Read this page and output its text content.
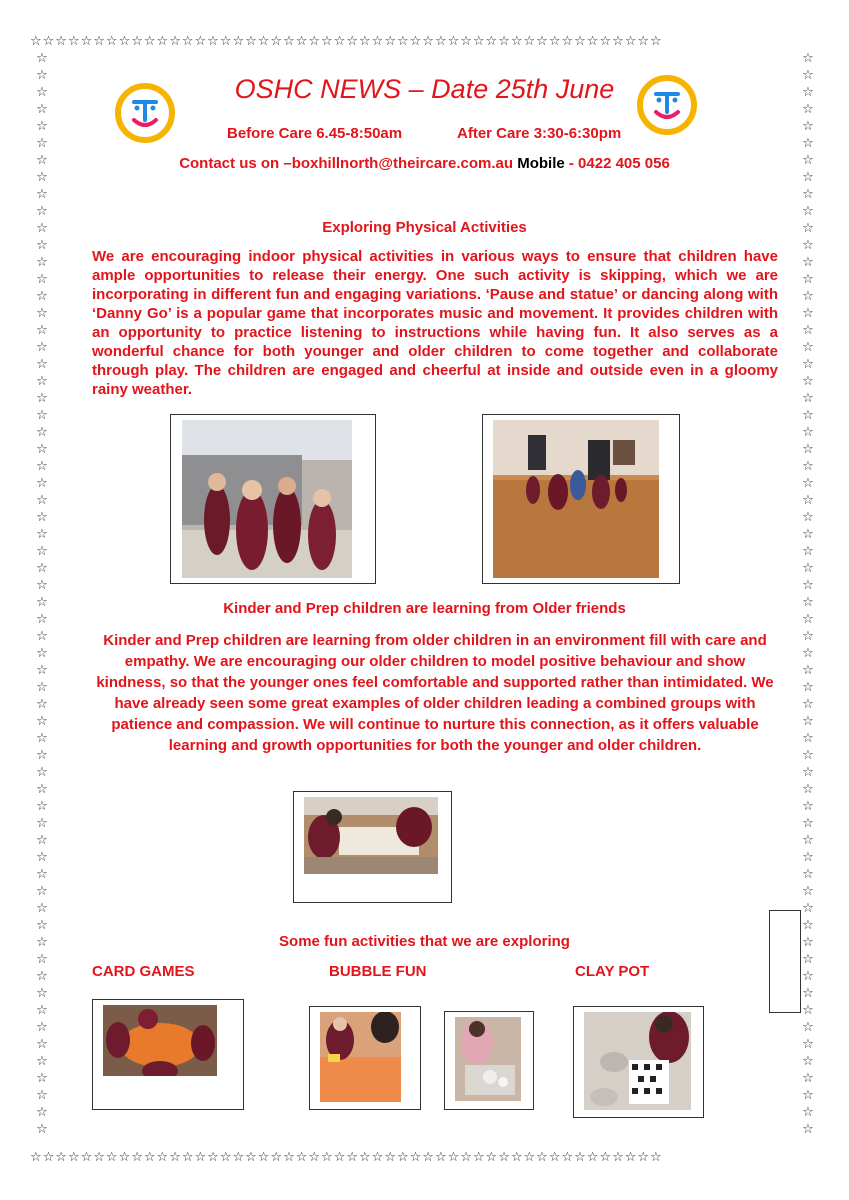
☆☆☆☆☆☆☆☆☆☆☆☆☆☆☆☆☆☆☆☆☆☆☆☆☆☆☆☆☆☆☆☆☆☆☆☆☆☆☆☆☆☆☆☆☆☆☆☆☆☆
☆☆☆☆☆☆☆☆☆☆☆☆☆☆☆☆☆☆☆☆☆☆☆☆☆☆☆☆☆☆☆☆☆☆☆☆☆☆☆☆☆☆☆☆☆☆☆☆☆☆
☆
☆
☆
☆
☆
☆
☆
☆
☆
☆
☆
☆
☆
☆
☆
☆
☆
☆
☆
☆
☆
☆
☆
☆
☆
☆
☆
☆
☆
☆
☆
☆
☆
☆
☆
☆
☆
☆
☆
☆
☆
☆
☆
☆
☆
☆
☆
☆
☆
☆
☆
☆
☆
☆
☆
☆
☆
☆
☆
☆
☆
☆
☆
☆

☆
☆
☆
☆
☆
☆
☆
☆
☆
☆
☆
☆
☆
☆
☆
☆
☆
☆
☆
☆
☆
☆
☆
☆
☆
☆
☆
☆
☆
☆
☆
☆
☆
☆
☆
☆
☆
☆
☆
☆
☆
☆
☆
☆
☆
☆
☆
☆
☆
☆
☆
☆
☆
☆
☆
☆
☆
☆
☆
☆
☆
☆
☆
☆

OSHC NEWS – Date 25th June
Before Care 6.45-8:50am	After Care 3:30-6:30pm
Contact us on –boxhillnorth@theircare.com.au Mobile - 0422 405 056
Exploring Physical Activities
We are encouraging indoor physical activities in various ways to ensure that children have ample opportunities to release their energy. One such activity is skipping, which we are incorporating in different fun and engaging variations. ‘Pause and statue’ or dancing along with ‘Danny Go’ is a popular game that incorporates music and movement. It provides children with an opportunity to practice listening to instructions while having fun. It also serves as a wonderful chance for both younger and older children to come together and collaborate through play. The children are engaged and cheerful at inside and outside even in a gloomy rainy weather.
Kinder and Prep children are learning from Older friends
Kinder and Prep children are learning from older children in an environment fill with care and empathy. We are encouraging our older children to model positive behaviour and show kindness, so that the younger ones feel comfortable and supported rather than intimidated. We have already seen some great examples of older children leading a combined groups with patience and compassion. We will continue to nurture this connection, as it offers valuable learning and growth opportunities for both the younger and older children.
Some fun activities that we are exploring
CARD GAMES	BUBBLE FUN	CLAY POT
